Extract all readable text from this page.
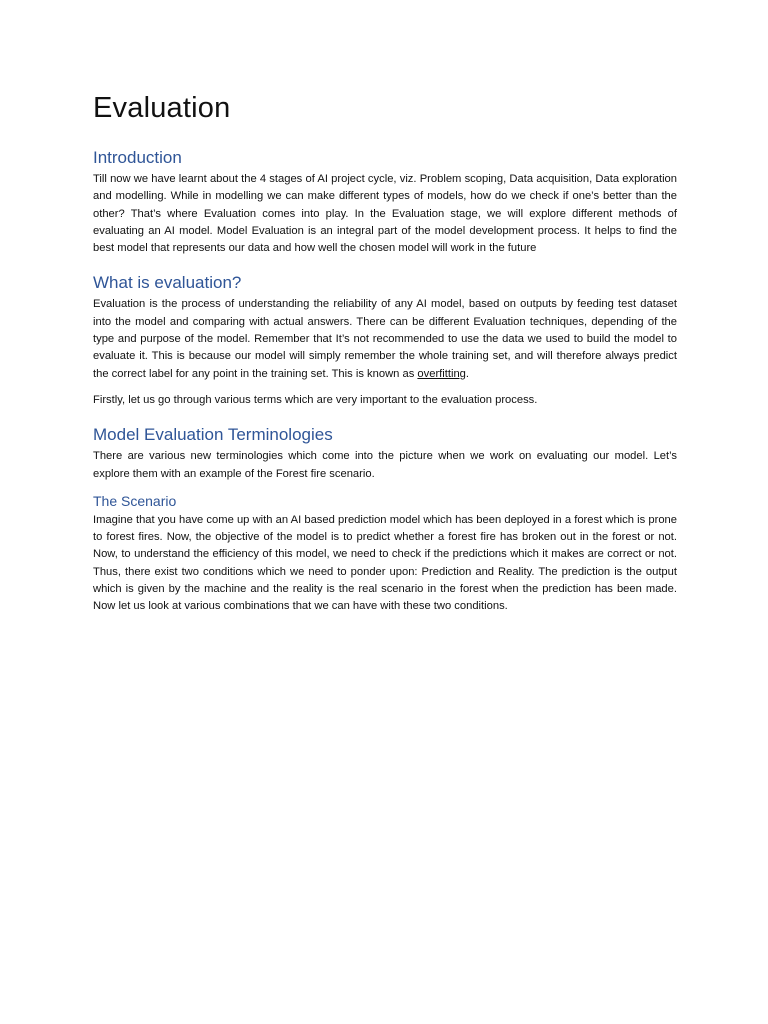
Evaluation
Introduction

Till now we have learnt about the 4 stages of AI project cycle, viz. Problem scoping, Data acquisition, Data exploration and modelling. While in modelling we can make different types of models, how do we check if one’s better than the other? That’s where Evaluation comes into play. In the Evaluation stage, we will explore different methods of evaluating an AI model. Model Evaluation is an integral part of the model development process. It helps to find the best model that represents our data and how well the chosen model will work in the future

What is evaluation?

Evaluation is the process of understanding the reliability of any AI model, based on outputs by feeding test dataset into the model and comparing with actual answers. There can be different Evaluation techniques, depending of the type and purpose of the model. Remember that It’s not recommended to use the data we used to build the model to evaluate it. This is because our model will simply remember the whole training set, and will therefore always predict the correct label for any point in the training set. This is known as overfitting.

Firstly, let us go through various terms which are very important to the evaluation process.

Model Evaluation Terminologies

There are various new terminologies which come into the picture when we work on evaluating our model. Let’s explore them with an example of the Forest fire scenario.

The Scenario

Imagine that you have come up with an AI based prediction model which has been deployed in a forest which is prone to forest fires. Now, the objective of the model is to predict whether a forest fire has broken out in the forest or not. Now, to understand the efficiency of this model, we need to check if the predictions which it makes are correct or not. Thus, there exist two conditions which we need to ponder upon: Prediction and Reality. The prediction is the output which is given by the machine and the reality is the real scenario in the forest when the prediction has been made. Now let us look at various combinations that we can have with these two conditions.
